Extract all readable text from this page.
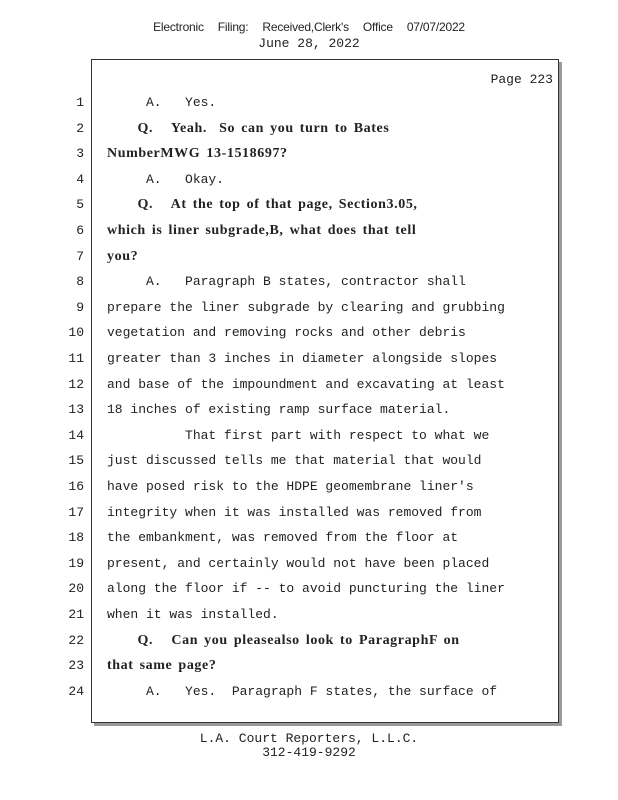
Electronic Filing: Received,Clerk's Office 07/07/2022
June 28, 2022
Page 223
1 A.   Yes.
2 Q.   Yeah.  So can you turn to Bates
3 NumberMWG 13-1518697?
4 A.   Okay.
5 Q.   At the top of that page, Section3.05,
6 which is liner subgrade,B, what does that tell
7 you?
8 A.   Paragraph B states, contractor shall
9 prepare the liner subgrade by clearing and grubbing
10 vegetation and removing rocks and other debris
11 greater than 3 inches in diameter alongside slopes
12 and base of the impoundment and excavating at least
13 18 inches of existing ramp surface material.
14 That first part with respect to what we
15 just discussed tells me that material that would
16 have posed risk to the HDPE geomembrane liner's
17 integrity when it was installed was removed from
18 the embankment, was removed from the floor at
19 present, and certainly would not have been placed
20 along the floor if -- to avoid puncturing the liner
21 when it was installed.
22 Q.   Can you pleasealso look to ParagraphF on
23 that same page?
24 A.   Yes.  Paragraph F states, the surface of
L.A. Court Reporters, L.L.C.
312-419-9292
